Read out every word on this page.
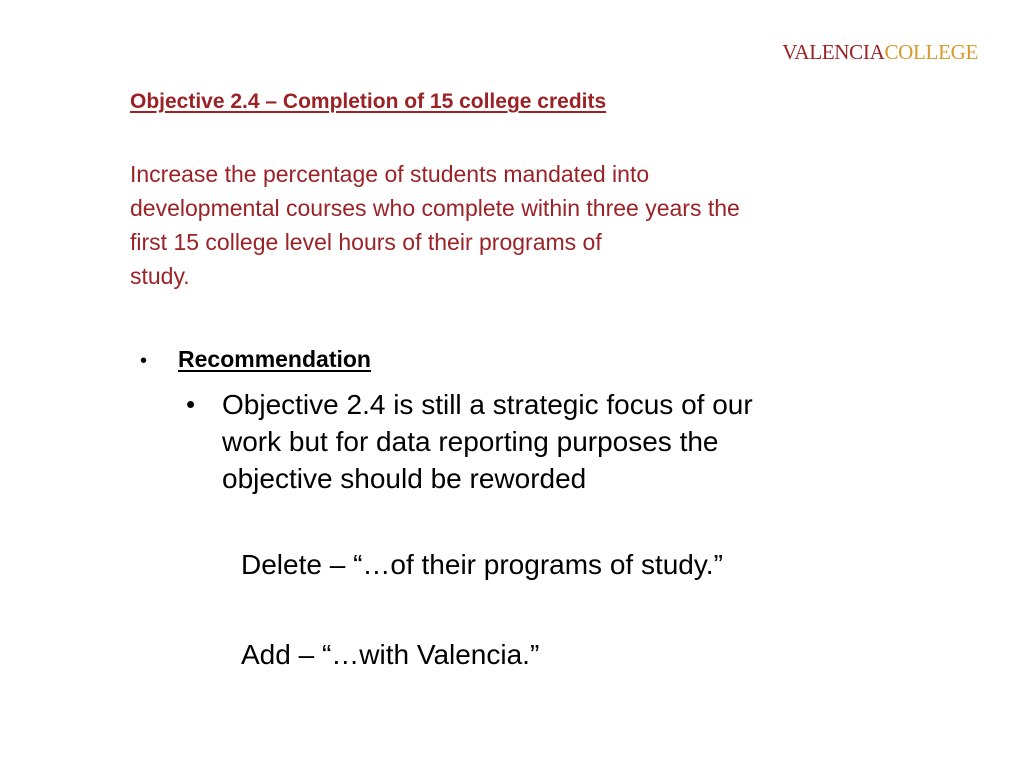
VALENCIACOLLEGE
Objective 2.4 – Completion of 15 college credits
Increase the percentage of students mandated into
developmental courses who complete within three years the
first 15 college level hours of their programs of
study.
•	Recommendation
• Objective 2.4 is still a strategic focus of our
work but for data reporting purposes the
objective should be reworded
Delete – “…of their programs of study.”
Add – “…with Valencia.”
